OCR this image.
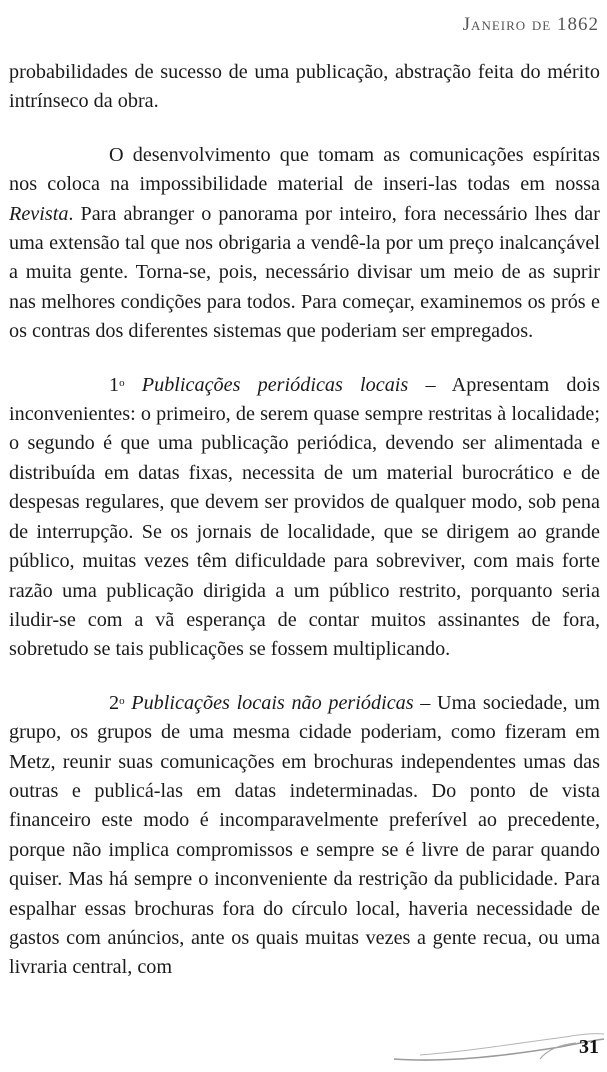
Janeiro de 1862

probabilidades de sucesso de uma publicação, abstração feita do mérito intrínseco da obra.

O desenvolvimento que tomam as comunicações espíritas nos coloca na impossibilidade material de inseri-las todas em nossa Revista. Para abranger o panorama por inteiro, fora necessário lhes dar uma extensão tal que nos obrigaria a vendê-la por um preço inalcançável a muita gente. Torna-se, pois, necessário divisar um meio de as suprir nas melhores condições para todos. Para começar, examinemos os prós e os contras dos diferentes sistemas que poderiam ser empregados.

1$^o$ Publicações periódicas locais – Apresentam dois inconvenientes: o primeiro, de serem quase sempre restritas à localidade; o segundo é que uma publicação periódica, devendo ser alimentada e distribuída em datas fixas, necessita de um material burocrático e de despesas regulares, que devem ser providos de qualquer modo, sob pena de interrupção. Se os jornais de localidade, que se dirigem ao grande público, muitas vezes têm dificuldade para sobreviver, com mais forte razão uma publicação dirigida a um público restrito, porquanto seria iludir-se com a vã esperança de contar muitos assinantes de fora, sobretudo se tais publicações se fossem multiplicando.

2$^o$ Publicações locais não periódicas – Uma sociedade, um grupo, os grupos de uma mesma cidade poderiam, como fizeram em Metz, reunir suas comunicações em brochuras independentes umas das outras e publicá-las em datas indeterminadas. Do ponto de vista financeiro este modo é incomparavelmente preferível ao precedente, porque não implica compromissos e sempre se é livre de parar quando quiser. Mas há sempre o inconveniente da restrição da publicidade. Para espalhar essas brochuras fora do círculo local, haveria necessidade de gastos com anúncios, ante os quais muitas vezes a gente recua, ou uma livraria central, com

31
